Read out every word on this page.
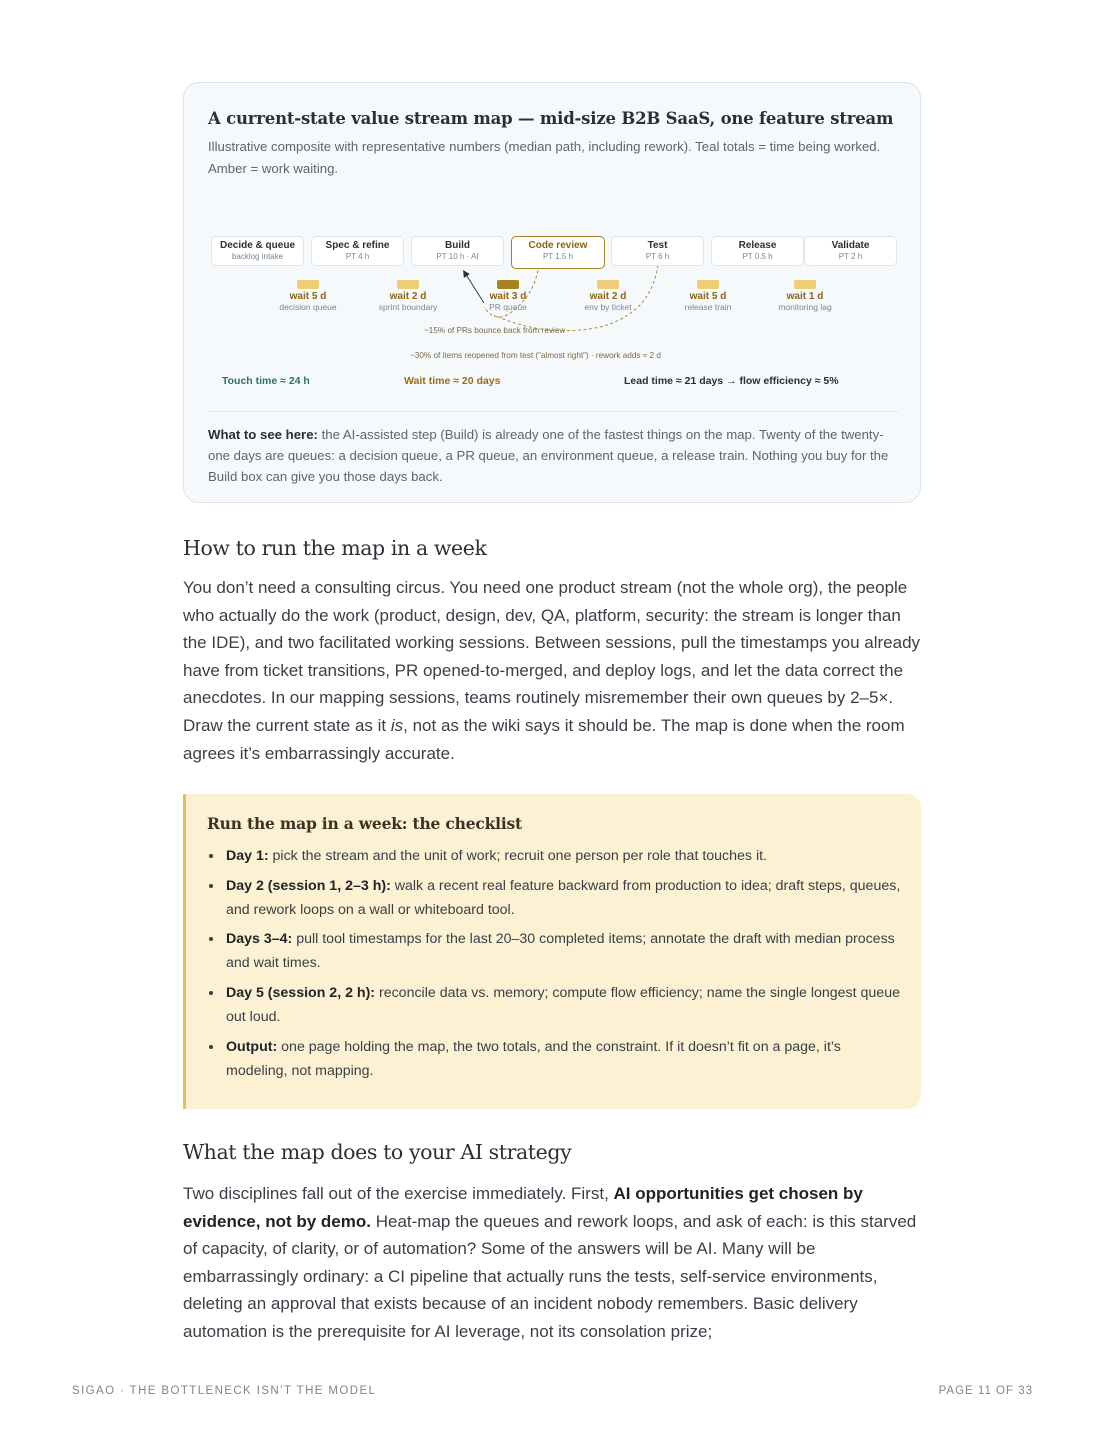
A current-state value stream map — mid-size B2B SaaS, one feature stream

Illustrative composite with representative numbers (median path, including rework). Teal totals = time being worked. Amber = work waiting.

Decide & queue
backlog intake
Spec & refine
PT 4 h
Build
PT 10 h · AI
Code review
PT 1.5 h
Test
PT 6 h
Release
PT 0.5 h
Validate
PT 2 h
wait 5 d
decision queue
wait 2 d
sprint boundary
wait 3 d
PR queue
wait 2 d
env by ticket
wait 5 d
release train
wait 1 d
monitoring lag
~15% of PRs bounce back from review
~30% of items reopened from test (“almost right”) · rework adds ≈ 2 d
Touch time ≈ 24 h	Wait time ≈ 20 days	Lead time ≈ 21 days → flow efficiency ≈ 5%

What to see here: the AI-assisted step (Build) is already one of the fastest things on the map. Twenty of the twenty-one days are queues: a decision queue, a PR queue, an environment queue, a release train. Nothing you buy for the Build box can give you those days back.

How to run the map in a week

You don’t need a consulting circus. You need one product stream (not the whole org), the people who actually do the work (product, design, dev, QA, platform, security: the stream is longer than the IDE), and two facilitated working sessions. Between sessions, pull the timestamps you already have from ticket transitions, PR opened-to-merged, and deploy logs, and let the data correct the anecdotes. In our mapping sessions, teams routinely misremember their own queues by 2–5×. Draw the current state as it is, not as the wiki says it should be. The map is done when the room agrees it’s embarrassingly accurate.

Run the map in a week: the checklist
Day 1: pick the stream and the unit of work; recruit one person per role that touches it.
Day 2 (session 1, 2–3 h): walk a recent real feature backward from production to idea; draft steps, queues, and rework loops on a wall or whiteboard tool.
Days 3–4: pull tool timestamps for the last 20–30 completed items; annotate the draft with median process and wait times.
Day 5 (session 2, 2 h): reconcile data vs. memory; compute flow efficiency; name the single longest queue out loud.
Output: one page holding the map, the two totals, and the constraint. If it doesn’t fit on a page, it’s modeling, not mapping.
What the map does to your AI strategy

Two disciplines fall out of the exercise immediately. First, AI opportunities get chosen by evidence, not by demo. Heat-map the queues and rework loops, and ask of each: is this starved of capacity, of clarity, or of automation? Some of the answers will be AI. Many will be embarrassingly ordinary: a CI pipeline that actually runs the tests, self-service environments, deleting an approval that exists because of an incident nobody remembers. Basic delivery automation is the prerequisite for AI leverage, not its consolation prize;

SIGAO · THE BOTTLENECK ISN’T THE MODEL	PAGE 11 OF 33
